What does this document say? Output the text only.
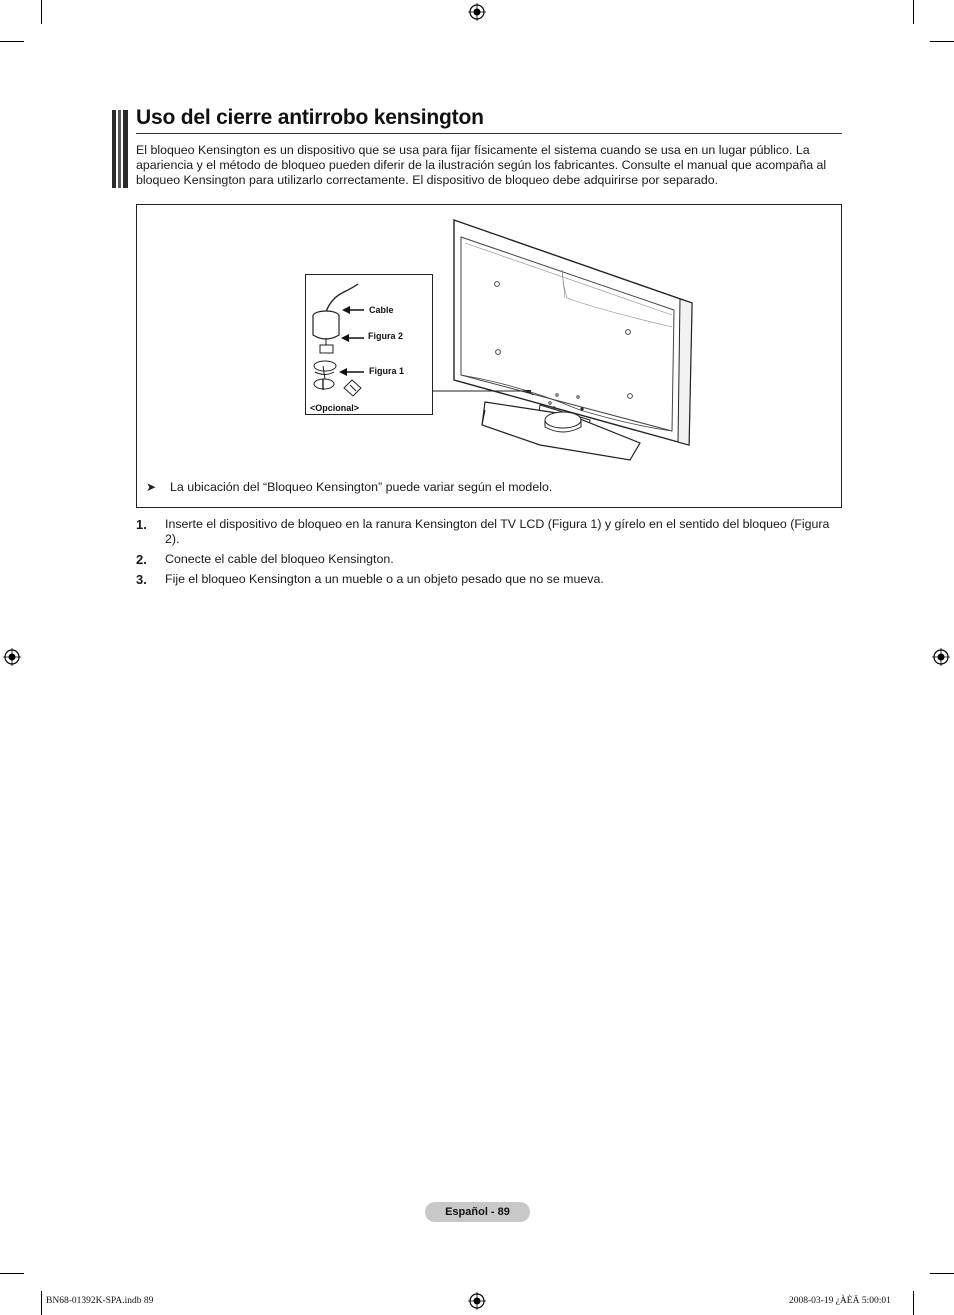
Uso del cierre antirrobo kensington

El bloqueo Kensington es un dispositivo que se usa para fijar físicamente el sistema cuando se usa en un lugar público. La apariencia y el método de bloqueo pueden diferir de la ilustración según los fabricantes. Consulte el manual que acompaña al bloqueo Kensington para utilizarlo correctamente. El dispositivo de bloqueo debe adquirirse por separado.

Cable
Figura 2
Figura 1
<Opcional>
➤ La ubicación del “Bloqueo Kensington” puede variar según el modelo.
1. Inserte el dispositivo de bloqueo en la ranura Kensington del TV LCD (Figura 1) y gírelo en el sentido del bloqueo (Figura 2).
2. Conecte el cable del bloqueo Kensington.
3. Fije el bloqueo Kensington a un mueble o a un objeto pesado que no se mueva.
Español - 89
BN68-01392K-SPA.indb 89	2008-03-19 ¿ÀÈÄ 5:00:01
